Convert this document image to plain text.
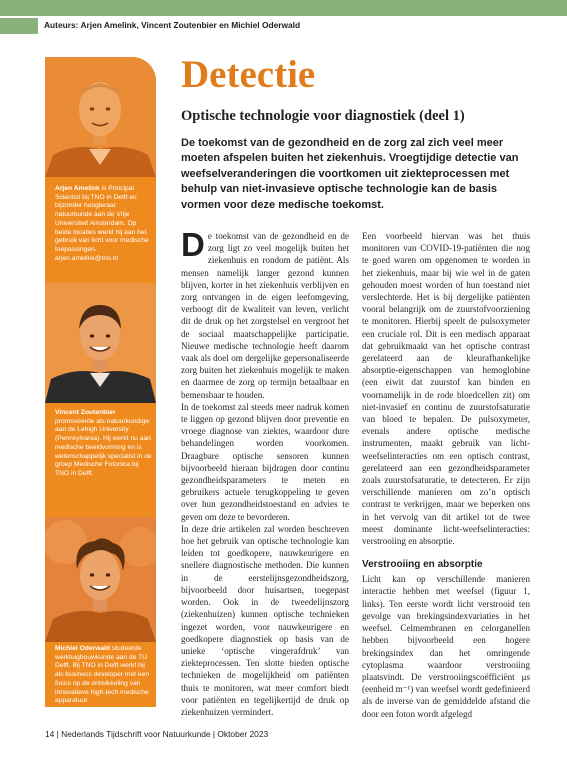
Auteurs: Arjen Amelink, Vincent Zoutenbier en Michiel Oderwald
Arjen Amelink is Principal Scientist bij TNO in Delft en bijzonder hoogleraar natuurkunde aan de Vrije Universiteit Amsterdam. Op beide locaties werkt hij aan het gebruik van licht voor medische toepassingen. arjen.amelink@tno.nl
Vincent Zoutenbier promoveerde als natuurkundige aan de Lehigh University (Pennsylvania). Hij werkt nu aan medische beeldvorming en is wetenschappelijk specialist in de groep Medische Fotonica bij TNO in Delft.
Michiel Oderwald studeerde werktuigbouwkunde aan de TU Delft. Bij TNO in Delft werkt hij als business developer met een focus op de ontwikkeling van innovatieve high-tech medische apparatuur.
Detectie
Optische technologie voor diagnostiek (deel 1)

De toekomst van de gezondheid en de zorg zal zich veel meer moeten afspelen buiten het ziekenhuis. Vroegtijdige detectie van weefselveranderingen die voortkomen uit ziekteprocessen met behulp van niet-invasieve optische technologie kan de basis vormen voor deze medische toekomst.

De toekomst van de gezondheid en de zorg ligt zo veel mogelijk buiten het ziekenhuis en rondom de patiënt. Als mensen namelijk langer gezond kunnen blijven, korter in het ziekenhuis verblijven en zorg ontvangen in de eigen leefomgeving, verhoogt dit de kwaliteit van leven, verlicht dit de druk op het zorgstelsel en vergroot het de sociaal maatschappelijke participatie. Nieuwe medische technologie heeft daarom vaak als doel om dergelijke gepersonaliseerde zorg buiten het ziekenhuis mogelijk te maken en daarmee de zorg op termijn betaalbaar en bemensbaar te houden.

In de toekomst zal steeds meer nadruk komen te liggen op gezond blijven door preventie en vroege diagnose van ziektes, waardoor dure behandelingen worden voorkomen. Draagbare optische sensoren kunnen bijvoorbeeld hieraan bijdragen door continu gezondheidsparameters te meten en gebruikers actuele terugkoppeling te geven over hun gezondheidstoestand en advies te geven om deze te bevorderen.

In deze drie artikelen zal worden beschreven hoe het gebruik van optische technologie kan leiden tot goedkopere, nauwkeurigere en snellere diagnostische methoden. Die kunnen in de eerstelijnsgezondheidszorg, bijvoorbeeld door huisartsen, toegepast worden. Ook in de tweedelijnszorg (ziekenhuizen) kunnen optische technieken ingezet worden, voor nauwkeurigere en goedkopere diagnostiek op basis van de unieke ‘optische vingerafdruk’ van ziekteprocessen. Ten slotte bieden optische technieken de mogelijkheid om patiënten thuis te monitoren, wat meer comfort biedt voor patiënten en tegelijkertijd de druk op ziekenhuizen vermindert.

Een voorbeeld hiervan was het thuis monitoren van COVID-19-patiënten die nog te goed waren om opgenomen te worden in het ziekenhuis, maar bij wie wel in de gaten gehouden moest worden of hun toestand niet verslechterde. Het is bij dergelijke patiënten vooral belangrijk om de zuurstofvoorziening te monitoren. Hierbij speelt de pulsoxymeter een cruciale rol. Dit is een medisch apparaat dat gebruikmaakt van het optische contrast gerelateerd aan de kleurafhankelijke absorptie-eigenschappen van hemoglobine (een eiwit dat zuurstof kan binden en voornamelijk in de rode bloedcellen zit) om niet-invasief en continu de zuurstofsaturatie van bloed te bepalen. De pulsoxymeter, evenals andere optische medische instrumenten, maakt gebruik van licht-weefselinteracties om een optisch contrast, gerelateerd aan een gezondheidsparameter zoals zuurstofsaturatie, te detecteren. Er zijn verschillende manieren om zo’n optisch contrast te verkrijgen, maar we beperken ons in het vervolg van dit artikel tot de twee meest dominante licht-weefselinteracties: verstrooiing en absorptie.

Verstrooiing en absorptie

Licht kan op verschillende manieren interactie hebben met weefsel (figuur 1, links). Ten eerste wordt licht verstrooid ten gevolge van brekingsindexvariaties in het weefsel. Celmembranen en celorganellen hebben bijvoorbeeld een hogere brekingsindex dan het omringende cytoplasma waardoor verstrooiing plaatsvindt. De verstrooiingscoëfficiënt μs (eenheid m⁻¹) van weefsel wordt gedefinieerd als de inverse van de gemiddelde afstand die door een foton wordt afgelegd

14 | Nederlands Tijdschrift voor Natuurkunde | Oktober 2023
